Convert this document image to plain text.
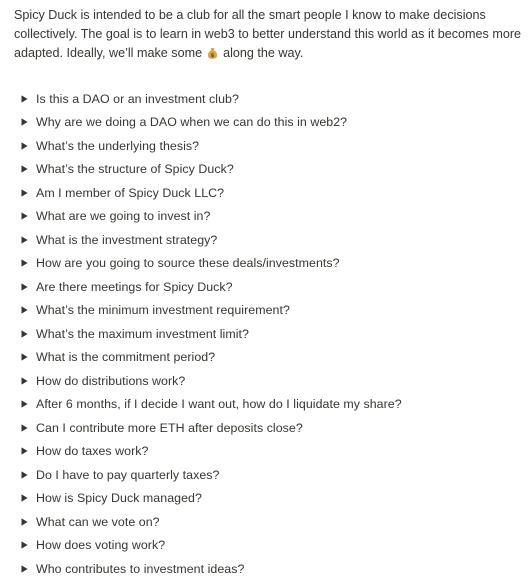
Spicy Duck is intended to be a club for all the smart people I know to make decisions collectively. The goal is to learn in web3 to better understand this world as it becomes more adapted. Ideally, we’ll make some $ along the way.

Is this a DAO or an investment club?
Why are we doing a DAO when we can do this in web2?
What’s the underlying thesis?
What’s the structure of Spicy Duck?
Am I member of Spicy Duck LLC?
What are we going to invest in?
What is the investment strategy?
How are you going to source these deals/investments?
Are there meetings for Spicy Duck?
What’s the minimum investment requirement?
What’s the maximum investment limit?
What is the commitment period?
How do distributions work?
After 6 months, if I decide I want out, how do I liquidate my share?
Can I contribute more ETH after deposits close?
How do taxes work?
Do I have to pay quarterly taxes?
How is Spicy Duck managed?
What can we vote on?
How does voting work?
Who contributes to investment ideas?
